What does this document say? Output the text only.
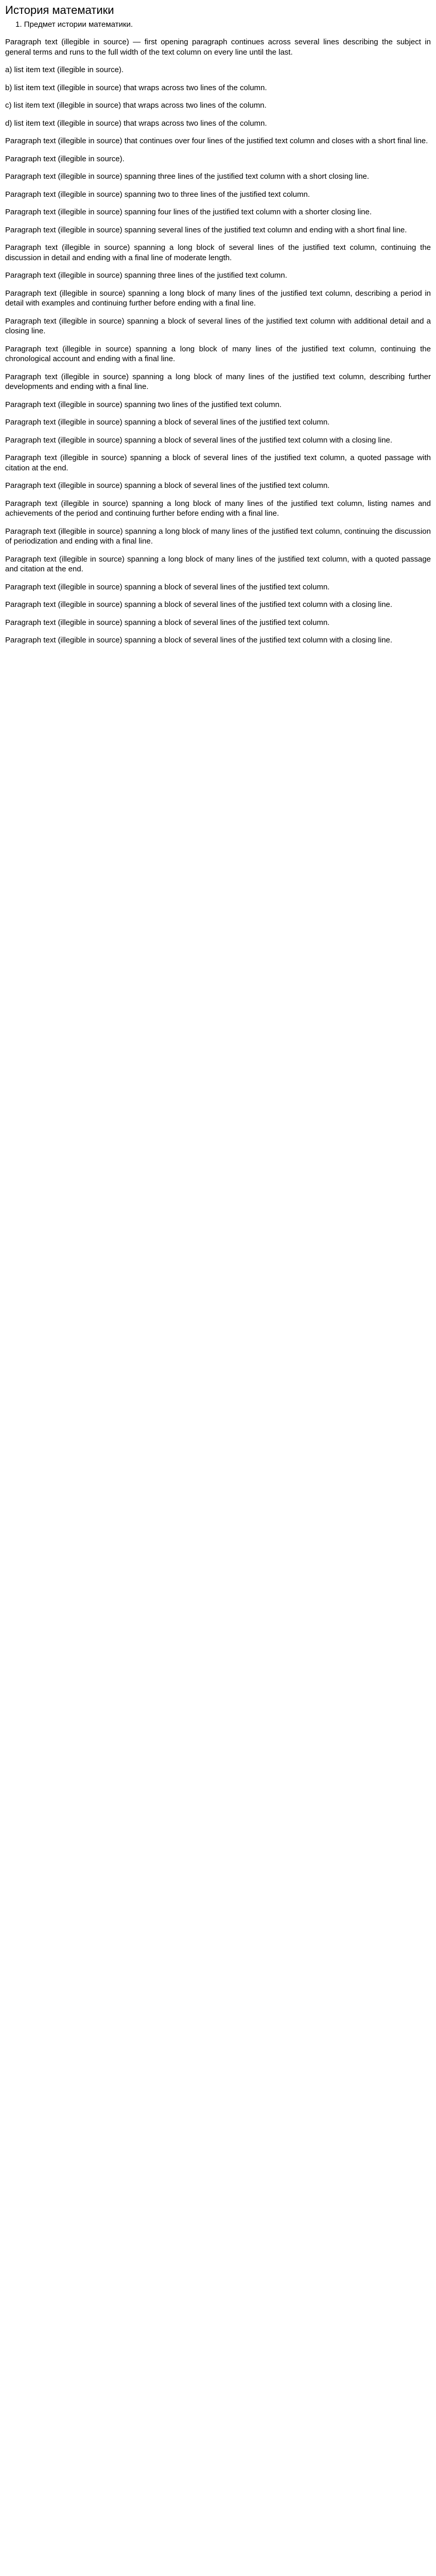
История математики
1. Предмет истории математики.

Paragraph text (illegible in source) — first opening paragraph continues across several lines describing the subject in general terms and runs to the full width of the text column on every line until the last.

a) list item text (illegible in source).

b) list item text (illegible in source) that wraps across two lines of the column.

c) list item text (illegible in source) that wraps across two lines of the column.

d) list item text (illegible in source) that wraps across two lines of the column.

Paragraph text (illegible in source) that continues over four lines of the justified text column and closes with a short final line.

Paragraph text (illegible in source).

Paragraph text (illegible in source) spanning three lines of the justified text column with a short closing line.

Paragraph text (illegible in source) spanning two to three lines of the justified text column.

Paragraph text (illegible in source) spanning four lines of the justified text column with a shorter closing line.

Paragraph text (illegible in source) spanning several lines of the justified text column and ending with a short final line.

Paragraph text (illegible in source) spanning a long block of several lines of the justified text column, continuing the discussion in detail and ending with a final line of moderate length.

Paragraph text (illegible in source) spanning three lines of the justified text column.

Paragraph text (illegible in source) spanning a long block of many lines of the justified text column, describing a period in detail with examples and continuing further before ending with a final line.

Paragraph text (illegible in source) spanning a block of several lines of the justified text column with additional detail and a closing line.

Paragraph text (illegible in source) spanning a long block of many lines of the justified text column, continuing the chronological account and ending with a final line.

Paragraph text (illegible in source) spanning a long block of many lines of the justified text column, describing further developments and ending with a final line.

Paragraph text (illegible in source) spanning two lines of the justified text column.

Paragraph text (illegible in source) spanning a block of several lines of the justified text column.

Paragraph text (illegible in source) spanning a block of several lines of the justified text column with a closing line.

Paragraph text (illegible in source) spanning a block of several lines of the justified text column, a quoted passage with citation at the end.

Paragraph text (illegible in source) spanning a block of several lines of the justified text column.

Paragraph text (illegible in source) spanning a long block of many lines of the justified text column, listing names and achievements of the period and continuing further before ending with a final line.

Paragraph text (illegible in source) spanning a long block of many lines of the justified text column, continuing the discussion of periodization and ending with a final line.

Paragraph text (illegible in source) spanning a long block of many lines of the justified text column, with a quoted passage and citation at the end.

Paragraph text (illegible in source) spanning a block of several lines of the justified text column.

Paragraph text (illegible in source) spanning a block of several lines of the justified text column with a closing line.

Paragraph text (illegible in source) spanning a block of several lines of the justified text column.

Paragraph text (illegible in source) spanning a block of several lines of the justified text column with a closing line.
